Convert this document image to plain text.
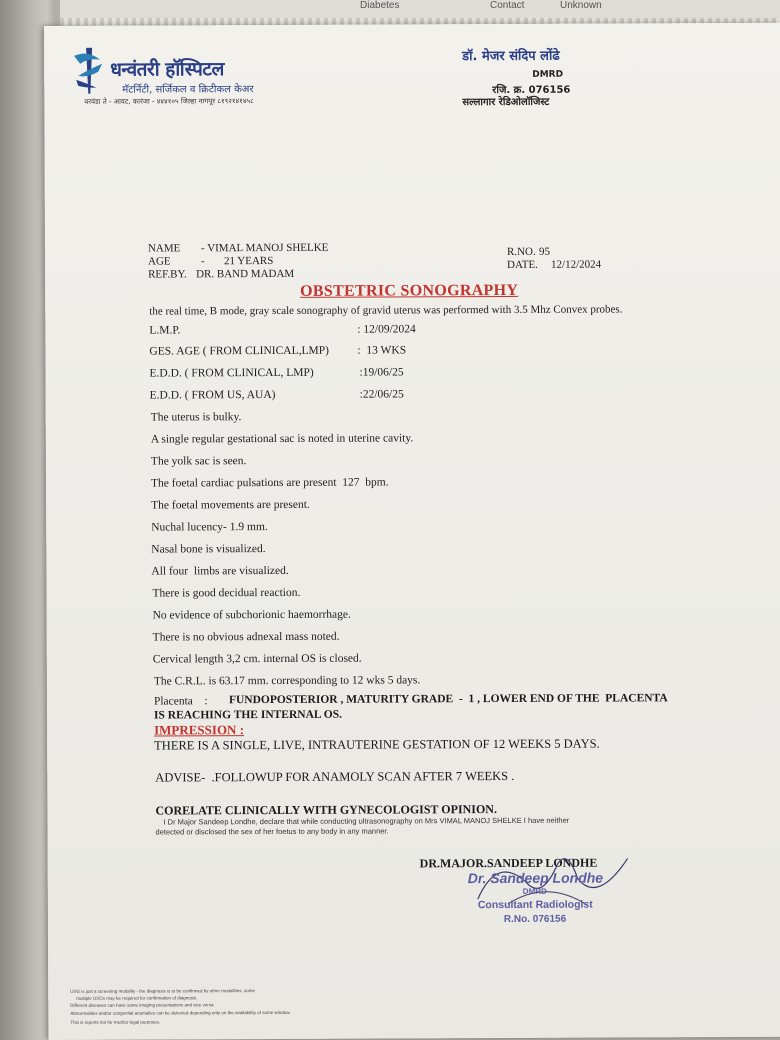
Diabetes	Contact	Unknown
धन्वंतरी हॉस्पिटल
मॅटर्निटी, सर्जिकल व क्रिटीकल केअर
वरवंडा ते - आवट, कारंजा - ४४४१०५ जिल्हा नागपूर ८१९२१४१४५८
डॉ. मेजर संदिप लोंढे
DMRD
रजि. क्र. 076156
सल्लागार रेडिओलॉजिस्ट
NAME - VIMAL MANOJ SHELKE
AGE	-       21 YEARS
REF.BY. DR. BAND MADAM
R.NO. 95
DATE. 12/12/2024
OBSTETRIC SONOGRAPHY
the real time, B mode, gray scale sonography of gravid uterus was performed with 3.5 Mhz Convex probes.
L.M.P.	: 12/09/2024
GES. AGE ( FROM CLINICAL,LMP) :  13 WKS
E.D.D. ( FROM CLINICAL, LMP)	:19/06/25
E.D.D. ( FROM US, AUA)	:22/06/25
The uterus is bulky.
A single regular gestational sac is noted in uterine cavity.
The yolk sac is seen.
The foetal cardiac pulsations are present  127  bpm.
The foetal movements are present.
Nuchal lucency- 1.9 mm.
Nasal bone is visualized.
All four  limbs are visualized.
There is good decidual reaction.
No evidence of subchorionic haemorrhage.
There is no obvious adnexal mass noted.
Cervical length 3,2 cm. internal OS is closed.
The C.R.L. is 63.17 mm. corresponding to 12 wks 5 days.
Placenta    : FUNDOPOSTERIOR , MATURITY GRADE  -  1 , LOWER END OF THE  PLACENTA
IS REACHING THE INTERNAL OS.
IMPRESSION :
THERE IS A SINGLE, LIVE, INTRAUTERINE GESTATION OF 12 WEEKS 5 DAYS.
ADVISE-  .FOLLOWUP FOR ANAMOLY SCAN AFTER 7 WEEKS .
CORELATE CLINICALLY WITH GYNECOLOGIST OPINION.
I Dr Major Sandeep Londhe, declare that while conducting ultrasonography on Mrs VIMAL MANOJ SHELKE I have neither
detected or disclosed the sex of her foetus to any body in any manner.
DR.MAJOR.SANDEEP LONDHE
Dr. Sandeep Londhe
DMRD
Consultant Radiologist
R.No. 076156
USG is just a screening modality - the diagnosis is to be confirmed by other modalities, some
multiple USGs may be required for confirmation of diagnosis.
Different diseases can have same imaging presentations and vice versa.
Abnormalities and/or congenital anomalies can be detected depending only on the availability of some window.
This is reports not for medico legal purposes.
